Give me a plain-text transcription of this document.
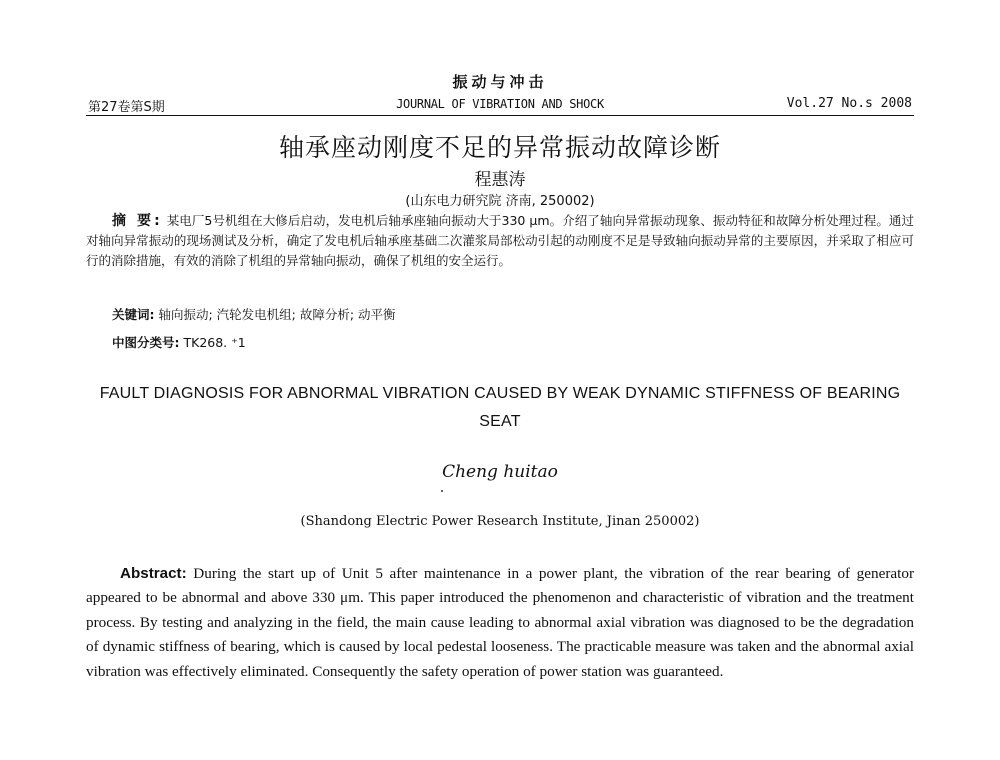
振动与冲击
第27卷第S期	JOURNAL OF VIBRATION AND SHOCK	Vol.27 No.s 2008
轴承座动刚度不足的异常振动故障诊断
程惠涛
(山东电力研究院 济南, 250002)
摘 要: 某电厂5号机组在大修后启动，发电机后轴承座轴向振动大于330 μm。介绍了轴向异常振动现象、振动特征和故障分析处理过程。通过对轴向异常振动的现场测试及分析，确定了发电机后轴承座基础二次灌浆局部松动引起的动刚度不足是导致轴向振动异常的主要原因，并采取了相应可行的消除措施，有效的消除了机组的异常轴向振动，确保了机组的安全运行。
关键词: 轴向振动; 汽轮发电机组; 故障分析; 动平衡
中图分类号: TK268. ⁺1
FAULT DIAGNOSIS FOR ABNORMAL VIBRATION CAUSED BY WEAK DYNAMIC STIFFNESS OF BEARING SEAT
Cheng huitao
(Shandong Electric Power Research Institute, Jinan 250002)
Abstract: During the start up of Unit 5 after maintenance in a power plant, the vibration of the rear bearing of generator appeared to be abnormal and above 330 μm. This paper introduced the phenomenon and characteristic of vibration and the treatment process. By testing and analyzing in the field, the main cause leading to abnormal axial vibration was diagnosed to be the degradation of dynamic stiffness of bearing, which is caused by local pedestal looseness. The practicable measure was taken and the abnormal axial vibration was effectively eliminated. Consequently the safety operation of power station was guaranteed.
